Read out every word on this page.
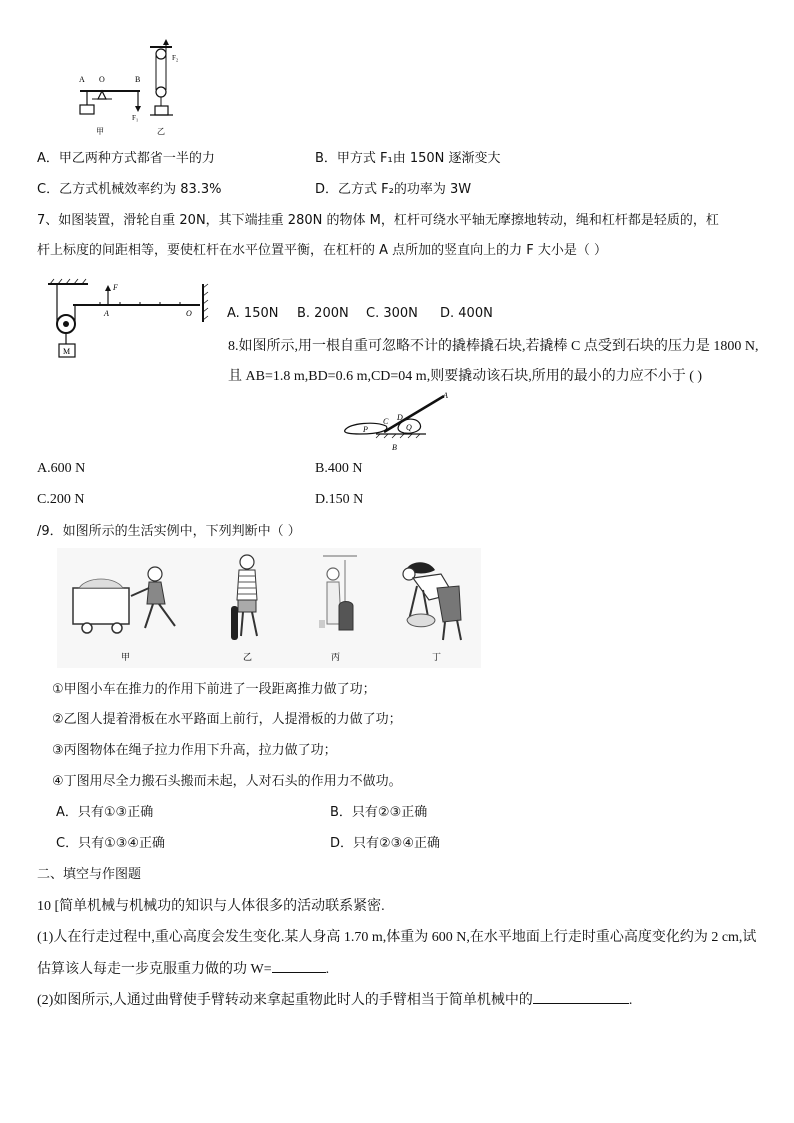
A O	B
F₁
甲
F₂
乙
A．甲乙两种方式都省一半的力	B．甲方式 F₁由 150N 逐渐变大
C．乙方式机械效率约为 83.3%	D．乙方式 F₂的功率为 3W
7、如图装置，滑轮自重 20N，其下端挂重 280N 的物体 M，杠杆可绕水平轴无摩擦地转动，绳和杠杆都是轻质的，杠
杆上标度的间距相等，要使杠杆在水平位置平衡，在杠杆的 A 点所加的竖直向上的力 F 大小是（ ）
F
A	O
M
A. 150N B. 200N C. 300N D. 400N
8.如图所示,用一根自重可忽略不计的撬棒撬石块,若撬棒 C 点受到石块的压力是 1800 N,
且 AB=1.8 m,BD=0.6 m,CD=04 m,则要撬动该石块,所用的最小的力应不小于 ( )
A
D
C
Q
P
B
A.600 N	B.400 N
C.200 N	D.150 N
/9．如图所示的生活实例中，下列判断中（ ）
甲	乙	丙	丁
①甲图小车在推力的作用下前进了一段距离推力做了功；
②乙图人提着滑板在水平路面上前行，人提滑板的力做了功；
③丙图物体在绳子拉力作用下升高，拉力做了功；
④丁图用尽全力搬石头搬而未起，人对石头的作用力不做功。
A．只有①③正确	B．只有②③正确
C．只有①③④正确	D．只有②③④正确
二、填空与作图题
10 [简单机械与机械功的知识与人体很多的活动联系紧密.
(1)人在行走过程中,重心高度会发生变化.某人身高 1.70 m,体重为 600 N,在水平地面上行走时重心高度变化约为 2 cm,试
估算该人每走一步克服重力做的功 W=	.
(2)如图所示,人通过曲臂使手臂转动来拿起重物此时人的手臂相当于简单机械中的	.
